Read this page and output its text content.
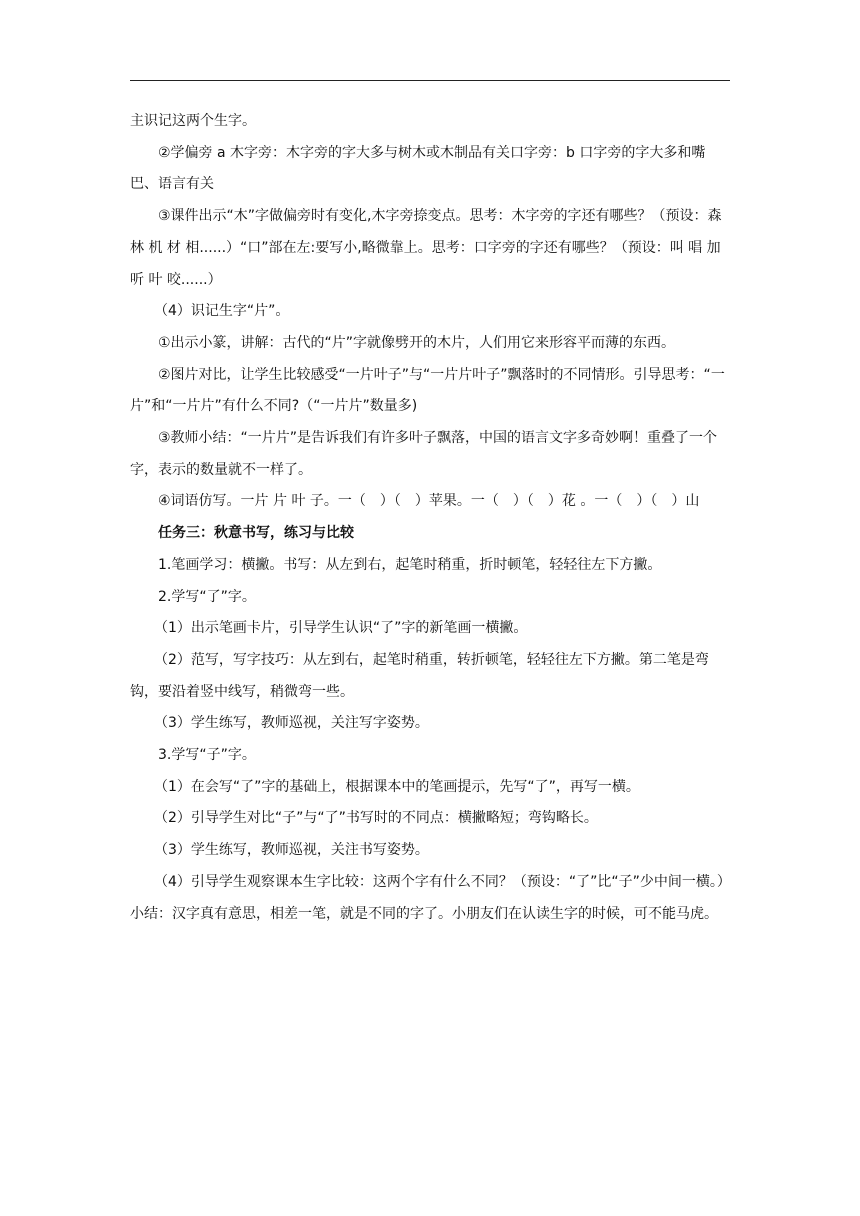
主识记这两个生字。

②学偏旁 a 木字旁：木字旁的字大多与树木或木制品有关口字旁：b 口字旁的字大多和嘴巴、语言有关

③课件出示“木”字做偏旁时有变化,木字旁捺变点。思考：木字旁的字还有哪些？（预设：森 林 机 材 相......）“口”部在左:要写小,略微靠上。思考：口字旁的字还有哪些？（预设：叫 唱 加 听 叶 咬......）

（4）识记生字“片”。

①出示小篆，讲解：古代的“片”字就像劈开的木片，人们用它来形容平而薄的东西。

②图片对比，让学生比较感受“一片叶子”与“一片片叶子”飘落时的不同情形。引导思考：“一片”和“一片片”有什么不同?（“一片片”数量多)

③教师小结：“一片片”是告诉我们有许多叶子飘落，中国的语言文字多奇妙啊！重叠了一个字，表示的数量就不一样了。

④词语仿写。一片 片 叶 子。一（　）（　）苹果。一（　）（　）花 。一（　）（　）山

任务三：秋意书写，练习与比较

1.笔画学习：横撇。书写：从左到右，起笔时稍重，折时顿笔，轻轻往左下方撇。

2.学写“了”字。

（1）出示笔画卡片，引导学生认识“了”字的新笔画一横撇。

（2）范写，写字技巧：从左到右，起笔时稍重，转折顿笔，轻轻往左下方撇。第二笔是弯钩，要沿着竖中线写，稍微弯一些。

（3）学生练写，教师巡视，关注写字姿势。

3.学写“子”字。

（1）在会写“了”字的基础上，根据课本中的笔画提示，先写“了”，再写一横。

（2）引导学生对比“子”与“了”书写时的不同点：横撇略短；弯钩略长。

（3）学生练写，教师巡视，关注书写姿势。

（4）引导学生观察课本生字比较：这两个字有什么不同？（预设：“了”比“子”少中间一横。）小结：汉字真有意思，相差一笔，就是不同的字了。小朋友们在认读生字的时候，可不能马虎。
